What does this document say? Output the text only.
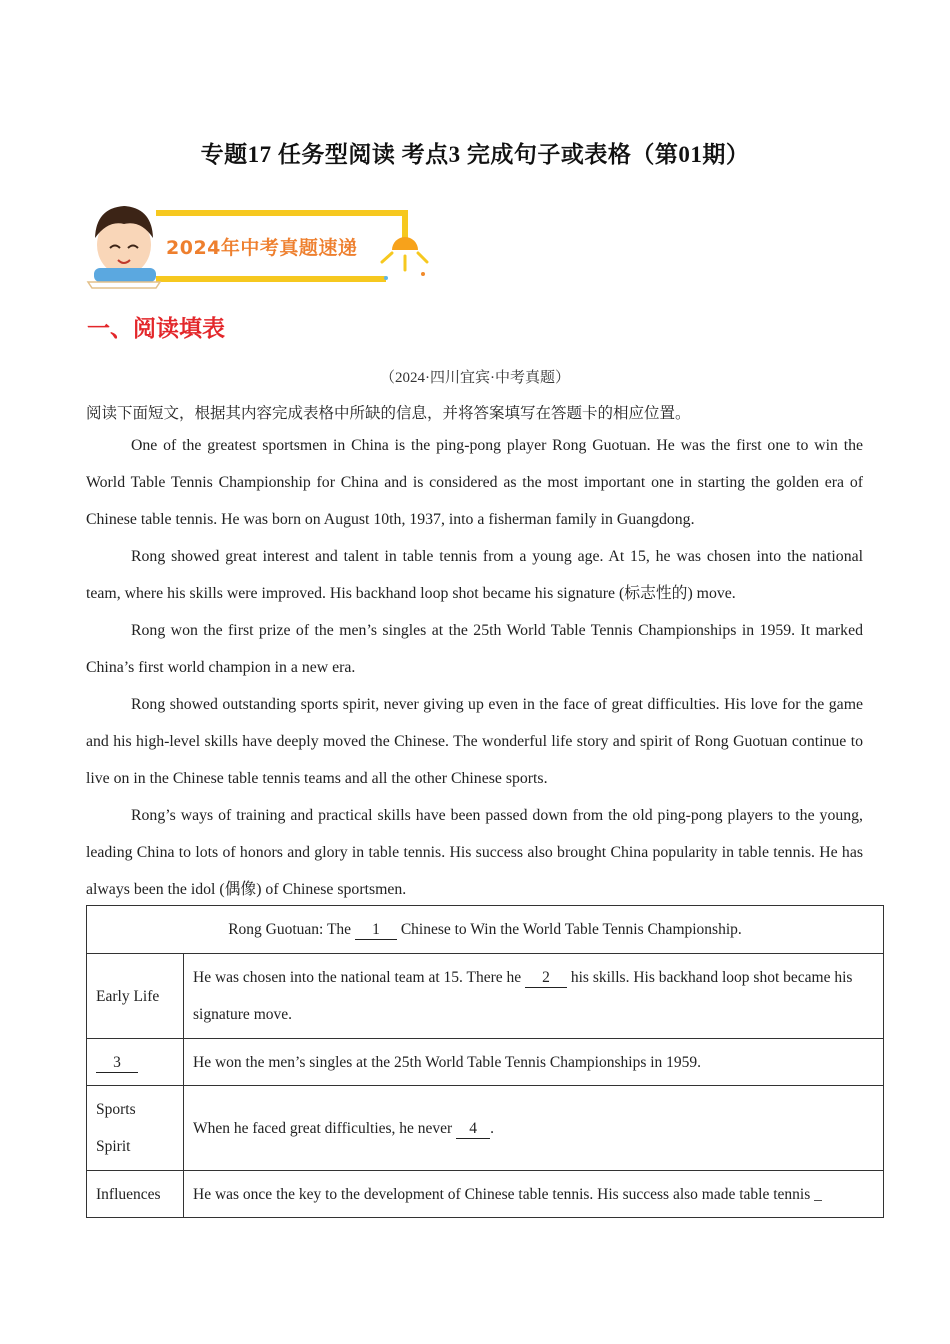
专题17 任务型阅读 考点3 完成句子或表格（第01期）
2024年中考真题速递
一、阅读填表
（2024·四川宜宾·中考真题）
阅读下面短文，根据其内容完成表格中所缺的信息，并将答案填写在答题卡的相应位置。

One of the greatest sportsmen in China is the ping-pong player Rong Guotuan. He was the first one to win the World Table Tennis Championship for China and is considered as the most important one in starting the golden era of Chinese table tennis. He was born on August 10th, 1937, into a fisherman family in Guangdong.

Rong showed great interest and talent in table tennis from a young age. At 15, he was chosen into the national team, where his skills were improved. His backhand loop shot became his signature (标志性的) move.

Rong won the first prize of the men’s singles at the 25th World Table Tennis Championships in 1959. It marked China’s first world champion in a new era.

Rong showed outstanding sports spirit, never giving up even in the face of great difficulties. His love for the game and his high-level skills have deeply moved the Chinese. The wonderful life story and spirit of Rong Guotuan continue to live on in the Chinese table tennis teams and all the other Chinese sports.

Rong’s ways of training and practical skills have been passed down from the old ping-pong players to the young, leading China to lots of honors and glory in table tennis. His success also brought China popularity in table tennis. He has always been the idol (偶像) of Chinese sportsmen.

Rong Guotuan: The 1 Chinese to Win the World Table Tennis Championship.	
Early Life	He was chosen into the national team at 15. There he 2 his skills. His backhand loop shot became his signature move.
3	He won the men’s singles at the 25th World Table Tennis Championships in 1959.

Sports
Spirit	When he faced great difficulties, he never 4 .
Influences	He was once the key to the development of Chinese table tennis. His success also made table tennis _
